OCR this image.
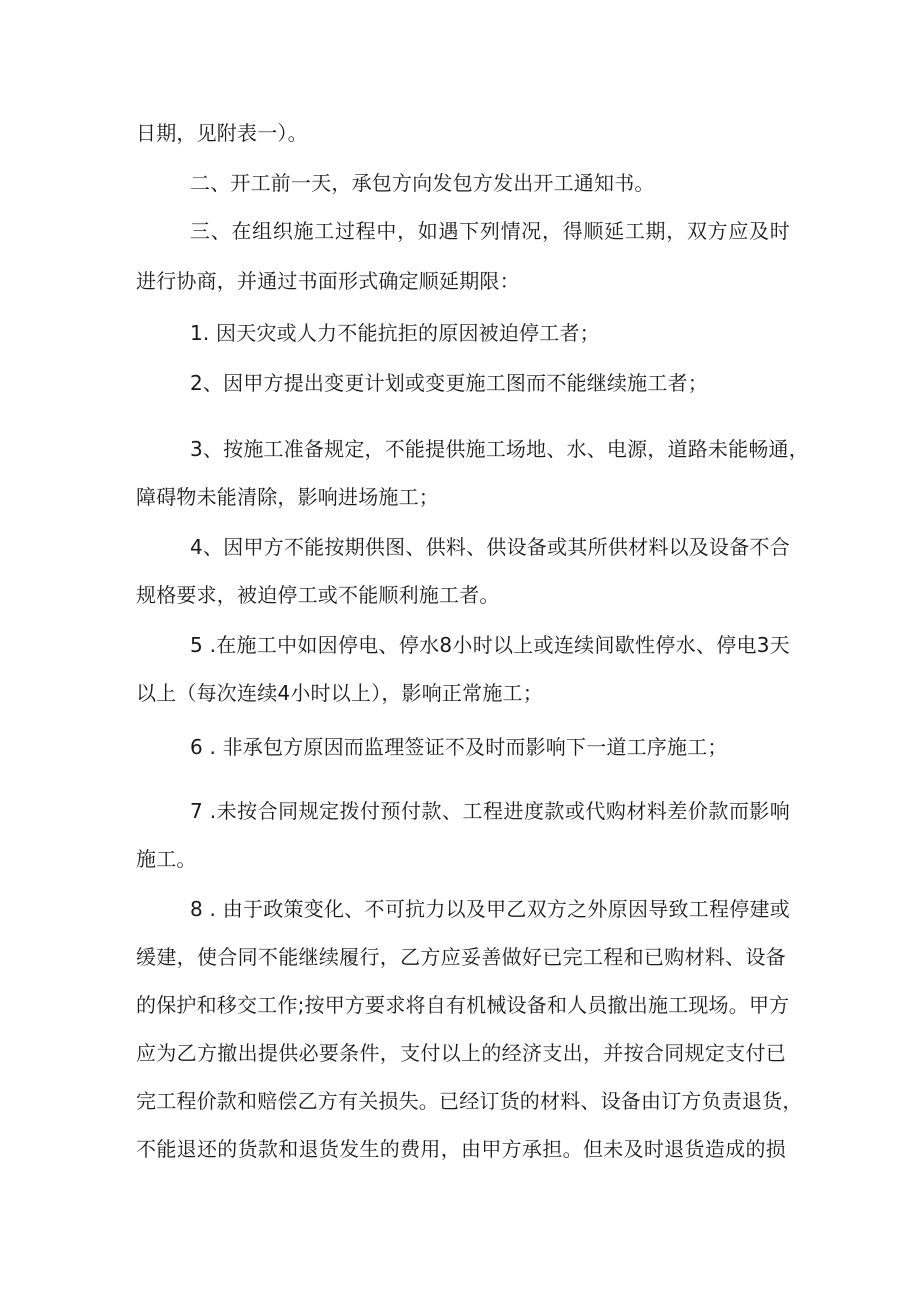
日期，见附表一）。
二、开工前一天，承包方向发包方发出开工通知书。
三、在组织施工过程中，如遇下列情况，得顺延工期，双方应及时
进行协商，并通过书面形式确定顺延期限：
1. 因天灾或人力不能抗拒的原因被迫停工者；
2、因甲方提出变更计划或变更施工图而不能继续施工者；
3、按施工准备规定，不能提供施工场地、水、电源，道路未能畅通，
障碍物未能清除，影响进场施工；
4、因甲方不能按期供图、供料、供设备或其所供材料以及设备不合
规格要求，被迫停工或不能顺利施工者。
5 .在施工中如因停电、停水8小时以上或连续间歇性停水、停电3天
以上（每次连续4小时以上），影响正常施工；
6 . 非承包方原因而监理签证不及时而影响下一道工序施工；
7 .未按合同规定拨付预付款、工程进度款或代购材料差价款而影响
施工。
8 . 由于政策变化、不可抗力以及甲乙双方之外原因导致工程停建或
缓建，使合同不能继续履行，乙方应妥善做好已完工程和已购材料、设备
的保护和移交工作;按甲方要求将自有机械设备和人员撤出施工现场。甲方
应为乙方撤出提供必要条件，支付以上的经济支出，并按合同规定支付已
完工程价款和赔偿乙方有关损失。已经订货的材料、设备由订方负责退货，
不能退还的货款和退货发生的费用，由甲方承担。但未及时退货造成的损
